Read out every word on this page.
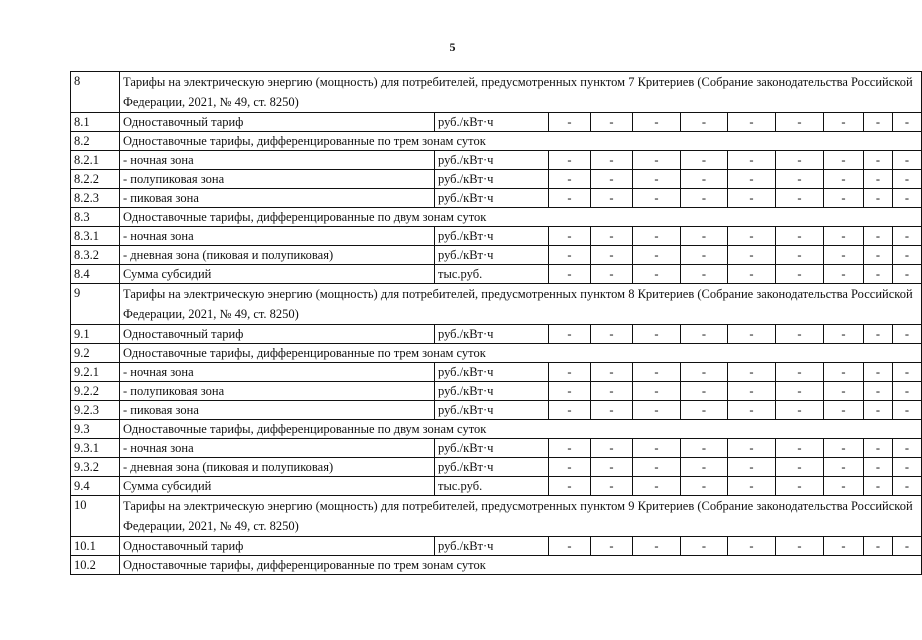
5
8	Тарифы на электрическую энергию (мощность) для потребителей, предусмотренных пунктом 7 Критериев (Собрание законодательства Российской Федерации, 2021, № 49, ст. 8250)										
8.1	Одноставочный тариф	руб./кВт·ч	-	-	-	-	-	-	-	-	-
8.2	Одноставочные тарифы, дифференцированные по трем зонам суток										
8.2.1	- ночная зона	руб./кВт·ч	-	-	-	-	-	-	-	-	-
8.2.2	- полупиковая зона	руб./кВт·ч	-	-	-	-	-	-	-	-	-
8.2.3	- пиковая зона	руб./кВт·ч	-	-	-	-	-	-	-	-	-
8.3	Одноставочные тарифы, дифференцированные по двум зонам суток										
8.3.1	- ночная зона	руб./кВт·ч	-	-	-	-	-	-	-	-	-
8.3.2	- дневная зона (пиковая и полупиковая)	руб./кВт·ч	-	-	-	-	-	-	-	-	-
8.4	Сумма субсидий	тыс.руб.	-	-	-	-	-	-	-	-	-
9	Тарифы на электрическую энергию (мощность) для потребителей, предусмотренных пунктом 8 Критериев (Собрание законодательства Российской Федерации, 2021, № 49, ст. 8250)										
9.1	Одноставочный тариф	руб./кВт·ч	-	-	-	-	-	-	-	-	-
9.2	Одноставочные тарифы, дифференцированные по трем зонам суток										
9.2.1	- ночная зона	руб./кВт·ч	-	-	-	-	-	-	-	-	-
9.2.2	- полупиковая зона	руб./кВт·ч	-	-	-	-	-	-	-	-	-
9.2.3	- пиковая зона	руб./кВт·ч	-	-	-	-	-	-	-	-	-
9.3	Одноставочные тарифы, дифференцированные по двум зонам суток										
9.3.1	- ночная зона	руб./кВт·ч	-	-	-	-	-	-	-	-	-
9.3.2	- дневная зона (пиковая и полупиковая)	руб./кВт·ч	-	-	-	-	-	-	-	-	-
9.4	Сумма субсидий	тыс.руб.	-	-	-	-	-	-	-	-	-
10	Тарифы на электрическую энергию (мощность) для потребителей, предусмотренных пунктом 9 Критериев (Собрание законодательства Российской Федерации, 2021, № 49, ст. 8250)										
10.1	Одноставочный тариф	руб./кВт·ч	-	-	-	-	-	-	-	-	-
10.2	Одноставочные тарифы, дифференцированные по трем зонам суток										
